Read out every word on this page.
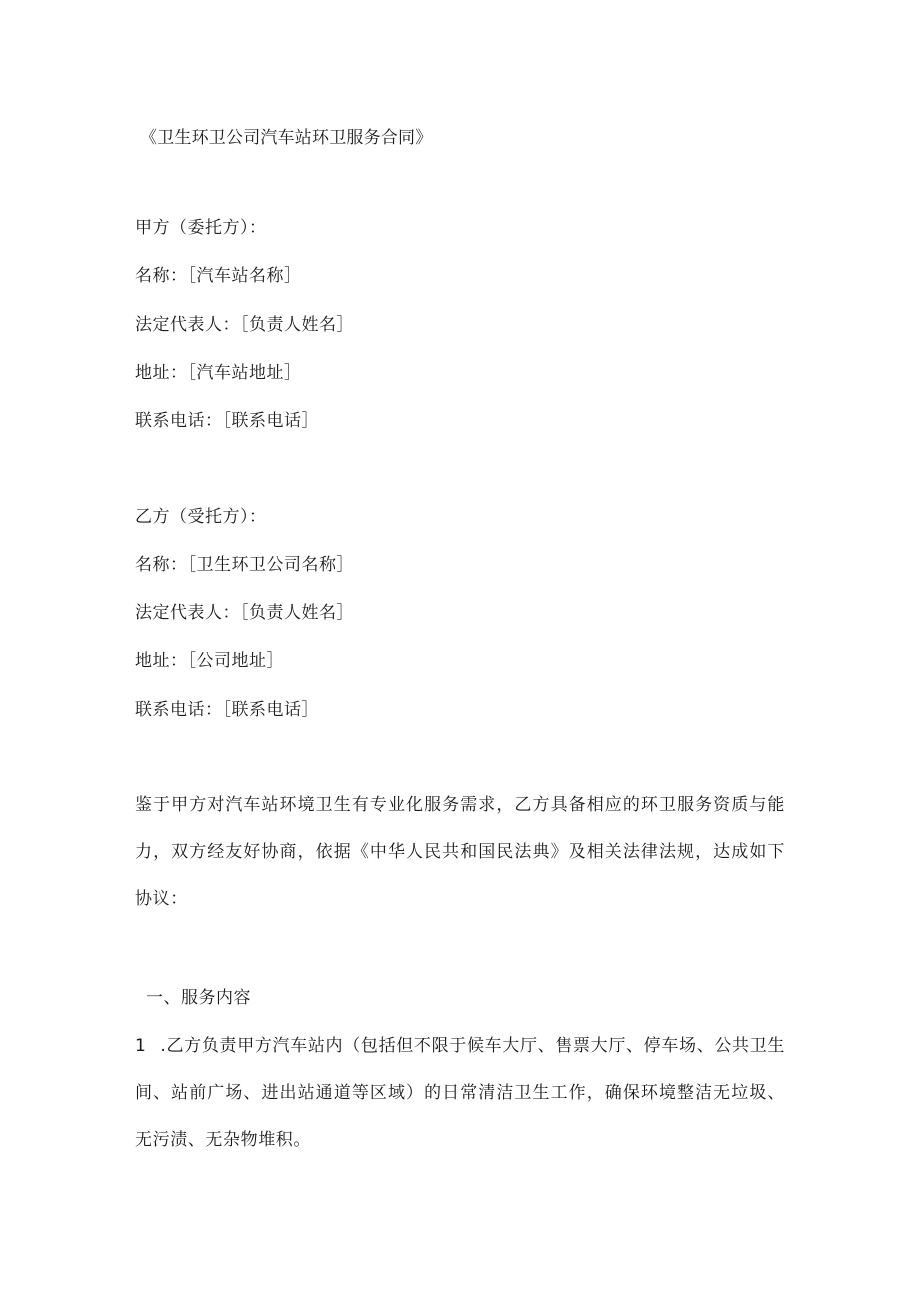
《卫生环卫公司汽车站环卫服务合同》
甲方（委托方）：
名称：［汽车站名称］
法定代表人：［负责人姓名］
地址：［汽车站地址］
联系电话：［联系电话］
乙方（受托方）：
名称：［卫生环卫公司名称］
法定代表人：［负责人姓名］
地址：［公司地址］
联系电话：［联系电话］
鉴于甲方对汽车站环境卫生有专业化服务需求，乙方具备相应的环卫服务资质与能力，双方经友好协商，依据《中华人民共和国民法典》及相关法律法规，达成如下协议：
一、服务内容
1 .乙方负责甲方汽车站内（包括但不限于候车大厅、售票大厅、停车场、公共卫生间、站前广场、进出站通道等区域）的日常清洁卫生工作，确保环境整洁无垃圾、无污渍、无杂物堆积。
